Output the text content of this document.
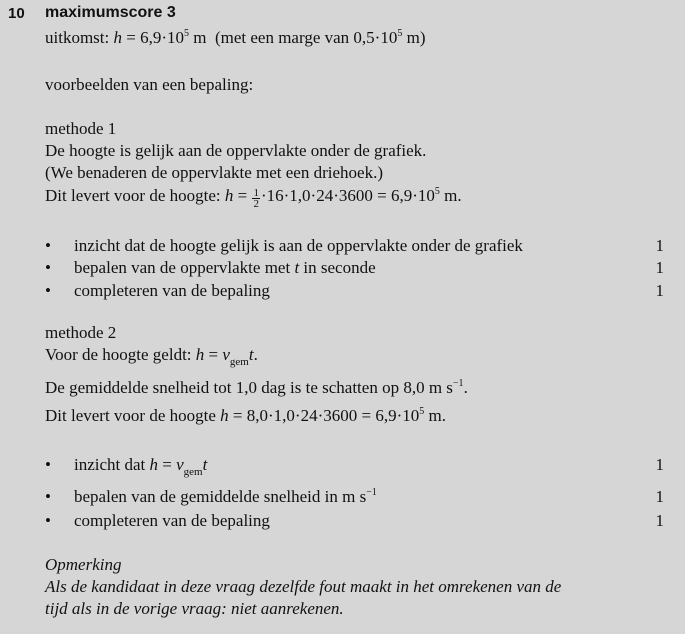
10 maximumscore 3
uitkomst: $h = 6,9\cdot 10^5$ m (met een marge van $0,5\cdot 10^5$ m)
voorbeelden van een bepaling:
methode 1
De hoogte is gelijk aan de oppervlakte onder de grafiek.
(We benaderen de oppervlakte met een driehoek.)
Dit levert voor de hoogte: $h = \frac{1}{2} \cdot 16\cdot 1,0\cdot 24\cdot 3600 = 6,9\cdot 10^5$ m.
• inzicht dat de hoogte gelijk is aan de oppervlakte onder de grafiek	1
• bepalen van de oppervlakte met t in seconde	1
• completeren van de bepaling	1
methode 2
Voor de hoogte geldt: $h = v_{gem}t$.
De gemiddelde snelheid tot 1,0 dag is te schatten op 8,0 m $s^{-1}$.
Dit levert voor de hoogte $h = 8,0\cdot 1,0\cdot 24\cdot 3600 = 6,9\cdot 10^5$ m.
• inzicht dat $h = v_{gem}t$	1
• bepalen van de gemiddelde snelheid in m $s^{-1}$	1
• completeren van de bepaling	1
Opmerking
Als de kandidaat in deze vraag dezelfde fout maakt in het omrekenen van de
tijd als in de vorige vraag: niet aanrekenen.
